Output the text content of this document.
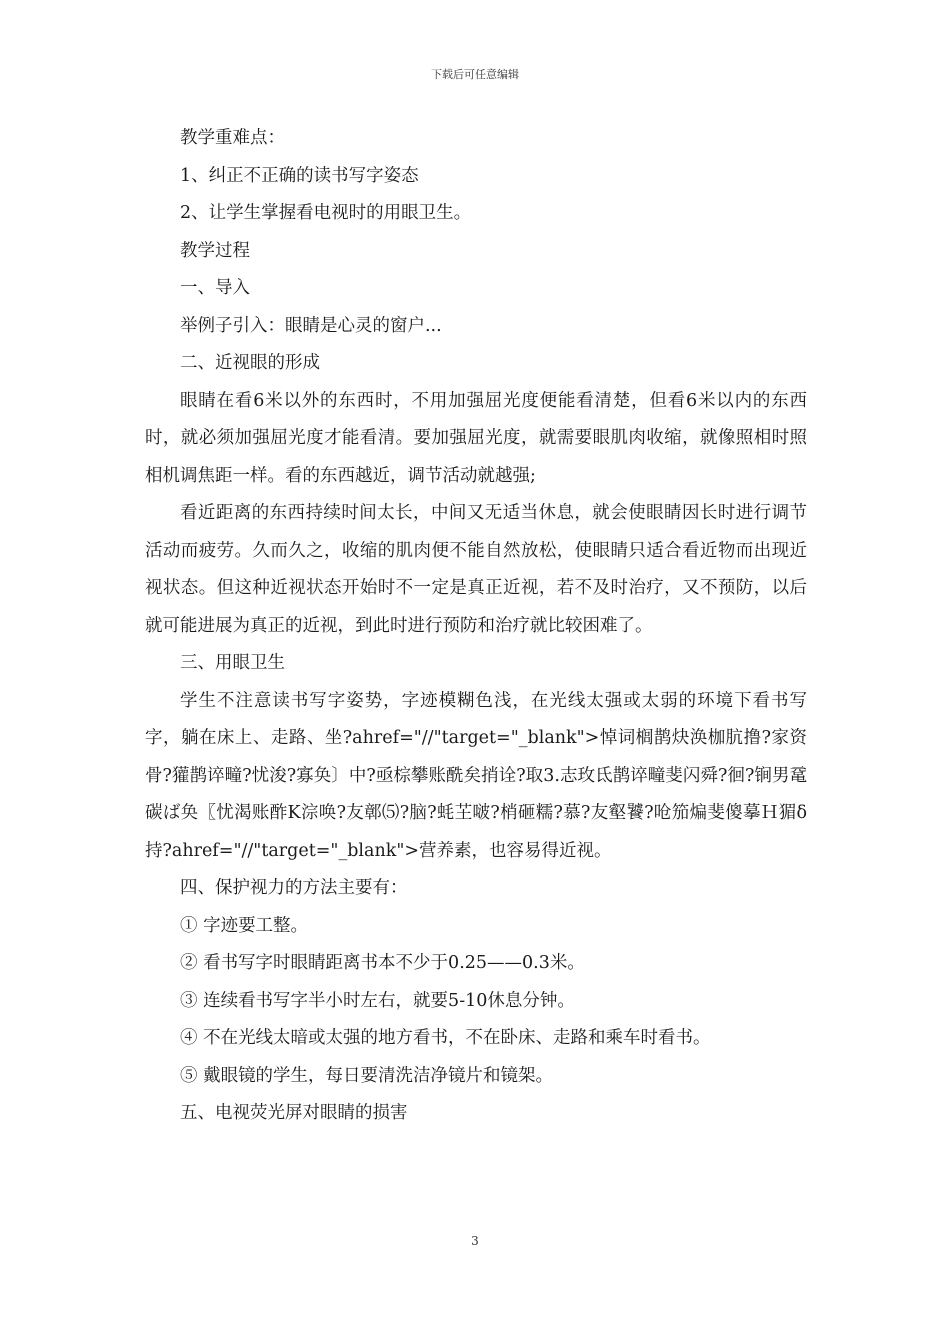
下载后可任意编辑

教学重难点：

1、纠正不正确的读书写字姿态

2、让学生掌握看电视时的用眼卫生。

教学过程

一、导入

举例子引入：眼睛是心灵的窗户...

二、近视眼的形成

眼睛在看6米以外的东西时，不用加强屈光度便能看清楚，但看6米以内的东西时，就必须加强屈光度才能看清。要加强屈光度，就需要眼肌肉收缩，就像照相时照相机调焦距一样。看的东西越近，调节活动就越强;

看近距离的东西持续时间太长，中间又无适当休息，就会使眼睛因长时进行调节活动而疲劳。久而久之，收缩的肌肉便不能自然放松，使眼睛只适合看近物而出现近视状态。但这种近视状态开始时不一定是真正近视，若不及时治疗，又不预防，以后就可能进展为真正的近视，到此时进行预防和治疗就比较困难了。

三、用眼卫生

学生不注意读书写字姿势，字迹模糊色浅，在光线太强或太弱的环境下看书写字，躺在床上、走路、坐?ahref="//"target="_blank">悼词榈鹊炔涣枷肮撸?家资骨?獾鹊谇疃?忧浚?寡奂〕中?亟棕攀账酰矣捎诠?取3.志玫氐鹊谇疃斐闪舜?徊?锏男鼋碳ば奂〖忧渴账酢K淙唤?友鄣⑸?脑?蚝芏啵?梢砸糯?慕?友壑饕?呛笳煸斐傻摹Ｈ猸δ持?ahref="//"target="_blank">营养素，也容易得近视。

四、保护视力的方法主要有：

① 字迹要工整。

② 看书写字时眼睛距离书本不少于0.25——0.3米。

③ 连续看书写字半小时左右，就要5-10休息分钟。

④ 不在光线太暗或太强的地方看书，不在卧床、走路和乘车时看书。

⑤ 戴眼镜的学生，每日要清洗洁净镜片和镜架。

五、电视荧光屏对眼睛的损害

3
